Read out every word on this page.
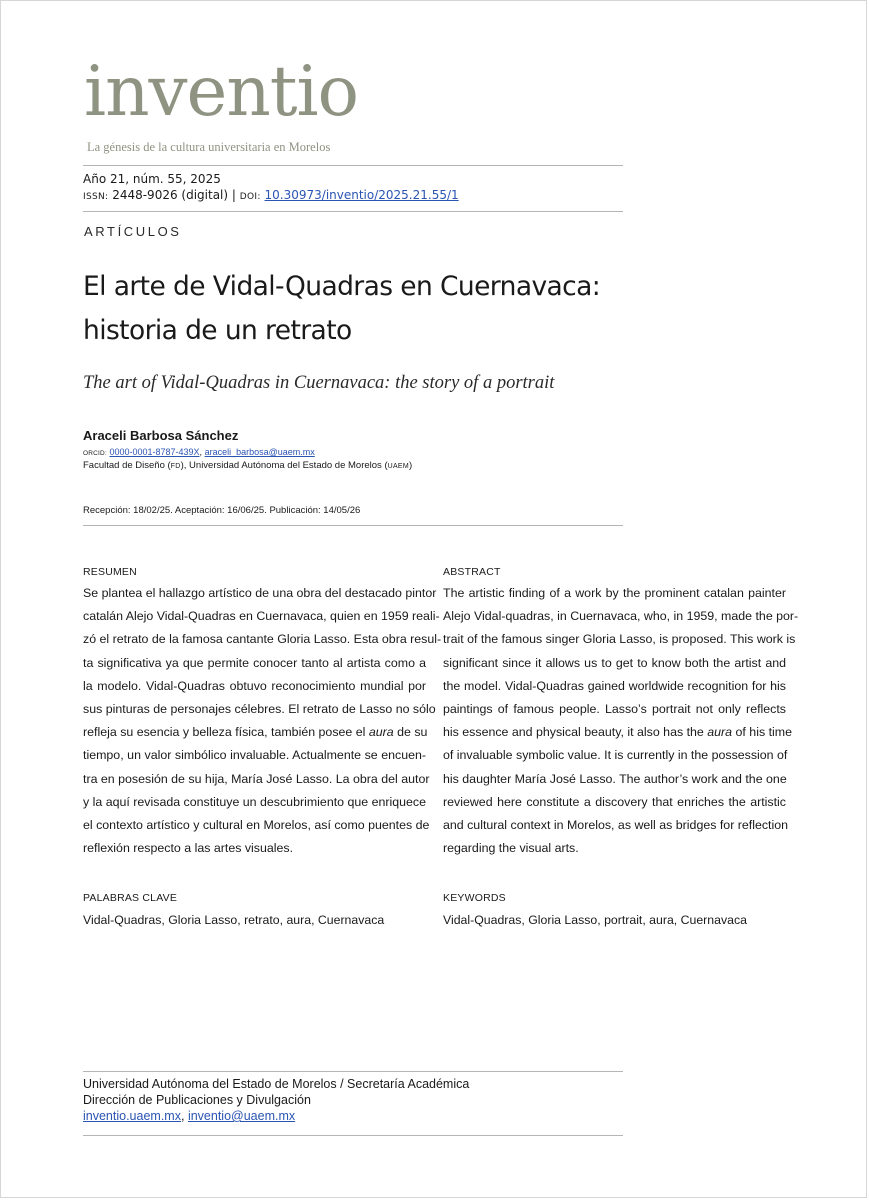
inventio
La génesis de la cultura universitaria en Morelos
Año 21, núm. 55, 2025
ISSN: 2448-9026 (digital) | DOI: 10.30973/inventio/2025.21.55/1
ARTÍCULOS
El arte de Vidal-Quadras en Cuernavaca:
historia de un retrato
The art of Vidal-Quadras in Cuernavaca: the story of a portrait
Araceli Barbosa Sánchez
ORCID: 0000-0001-8787-439X, araceli_barbosa@uaem.mx
Facultad de Diseño (FD), Universidad Autónoma del Estado de Morelos (UAEM)
Recepción: 18/02/25. Aceptación: 16/06/25. Publicación: 14/05/26
RESUMEN
Se plantea el hallazgo artístico de una obra del destacado pintor
catalán Alejo Vidal-Quadras en Cuernavaca, quien en 1959 reali-
zó el retrato de la famosa cantante Gloria Lasso. Esta obra resul-
ta significativa ya que permite conocer tanto al artista como a
la modelo. Vidal-Quadras obtuvo reconocimiento mundial por
sus pinturas de personajes célebres. El retrato de Lasso no sólo
refleja su esencia y belleza física, también posee el aura de su
tiempo, un valor simbólico invaluable. Actualmente se encuen-
tra en posesión de su hija, María José Lasso. La obra del autor
y la aquí revisada constituye un descubrimiento que enriquece
el contexto artístico y cultural en Morelos, así como puentes de
reflexión respecto a las artes visuales.
PALABRAS CLAVE
Vidal-Quadras, Gloria Lasso, retrato, aura, Cuernavaca
ABSTRACT
The artistic finding of a work by the prominent catalan painter
Alejo Vidal-quadras, in Cuernavaca, who, in 1959, made the por-
trait of the famous singer Gloria Lasso, is proposed. This work is
significant since it allows us to get to know both the artist and
the model. Vidal-Quadras gained worldwide recognition for his
paintings of famous people. Lasso’s portrait not only reflects
his essence and physical beauty, it also has the aura of his time
of invaluable symbolic value. It is currently in the possession of
his daughter María José Lasso. The author’s work and the one
reviewed here constitute a discovery that enriches the artistic
and cultural context in Morelos, as well as bridges for reflection
regarding the visual arts.
KEYWORDS
Vidal-Quadras, Gloria Lasso, portrait, aura, Cuernavaca
Universidad Autónoma del Estado de Morelos / Secretaría Académica
Dirección de Publicaciones y Divulgación
inventio.uaem.mx, inventio@uaem.mx
